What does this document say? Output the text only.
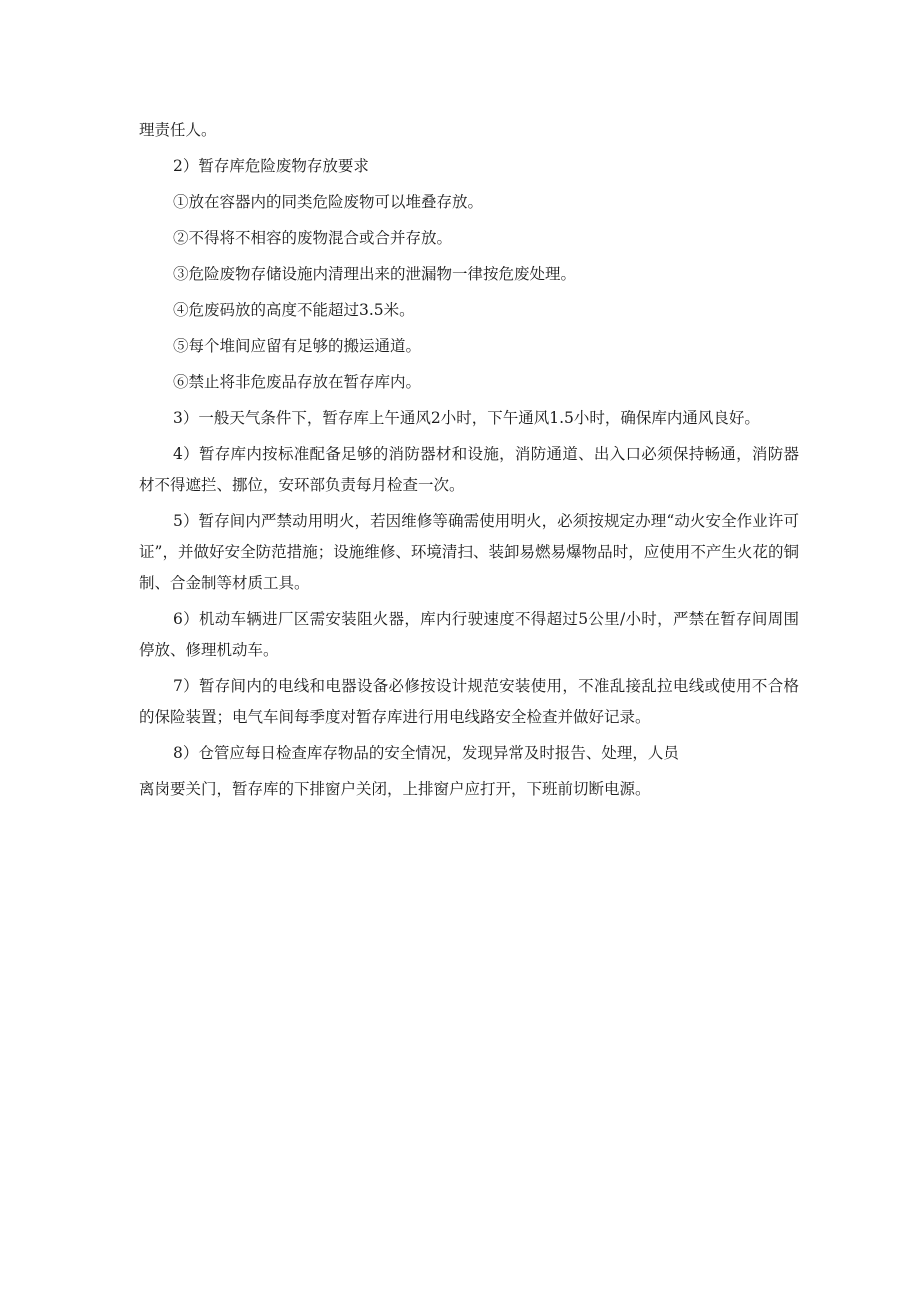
理责任人。

2）暂存库危险废物存放要求

①放在容器内的同类危险废物可以堆叠存放。

②不得将不相容的废物混合或合并存放。

③危险废物存储设施内清理出来的泄漏物一律按危废处理。

④危废码放的高度不能超过3.5米。

⑤每个堆间应留有足够的搬运通道。

⑥禁止将非危废品存放在暂存库内。

3）一般天气条件下，暂存库上午通风2小时，下午通风1.5小时，确保库内通风良好。

4）暂存库内按标准配备足够的消防器材和设施，消防通道、出入口必须保持畅通，消防器材不得遮拦、挪位，安环部负责每月检查一次。

5）暂存间内严禁动用明火，若因维修等确需使用明火，必须按规定办理“动火安全作业许可证”，并做好安全防范措施；设施维修、环境清扫、装卸易燃易爆物品时，应使用不产生火花的铜制、合金制等材质工具。

6）机动车辆进厂区需安装阻火器，库内行驶速度不得超过5公里/小时，严禁在暂存间周围停放、修理机动车。

7）暂存间内的电线和电器设备必修按设计规范安装使用，不准乱接乱拉电线或使用不合格的保险装置；电气车间每季度对暂存库进行用电线路安全检查并做好记录。

8）仓管应每日检查库存物品的安全情况，发现异常及时报告、处理，人员

离岗要关门，暂存库的下排窗户关闭，上排窗户应打开，下班前切断电源。
